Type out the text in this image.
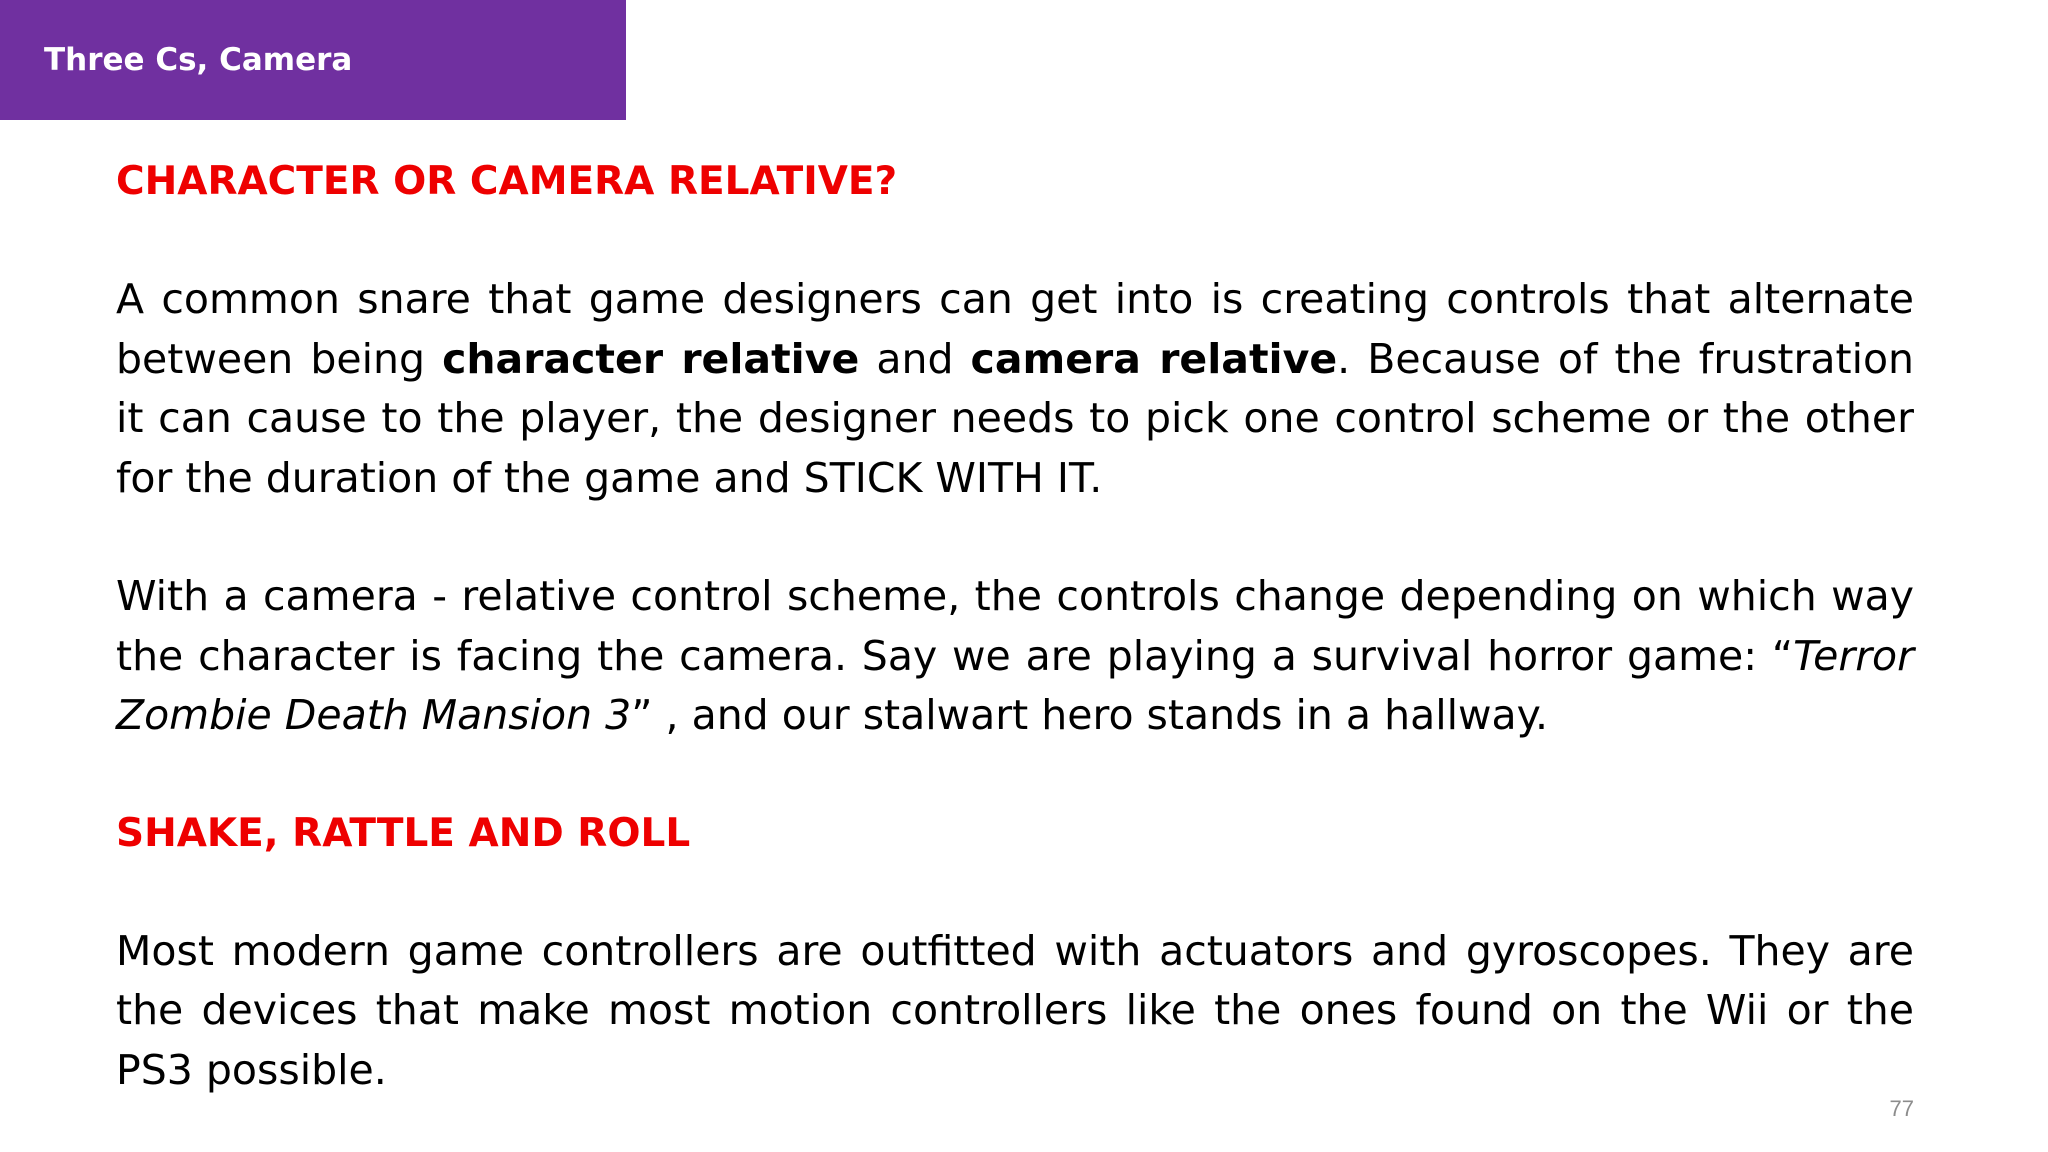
Three Cs, Camera
CHARACTER OR CAMERA RELATIVE?

A common snare that game designers can get into is creating controls that alternate between being character relative and camera relative. Because of the frustration it can cause to the player, the designer needs to pick one control scheme or the other for the duration of the game and STICK WITH IT.

With a camera - relative control scheme, the controls change depending on which way the character is facing the camera. Say we are playing a survival horror game: “Terror Zombie Death Mansion 3” , and our stalwart hero stands in a hallway.

SHAKE, RATTLE AND ROLL

Most modern game controllers are outfitted with actuators and gyroscopes. They are the devices that make most motion controllers like the ones found on the Wii or the PS3 possible.

77
